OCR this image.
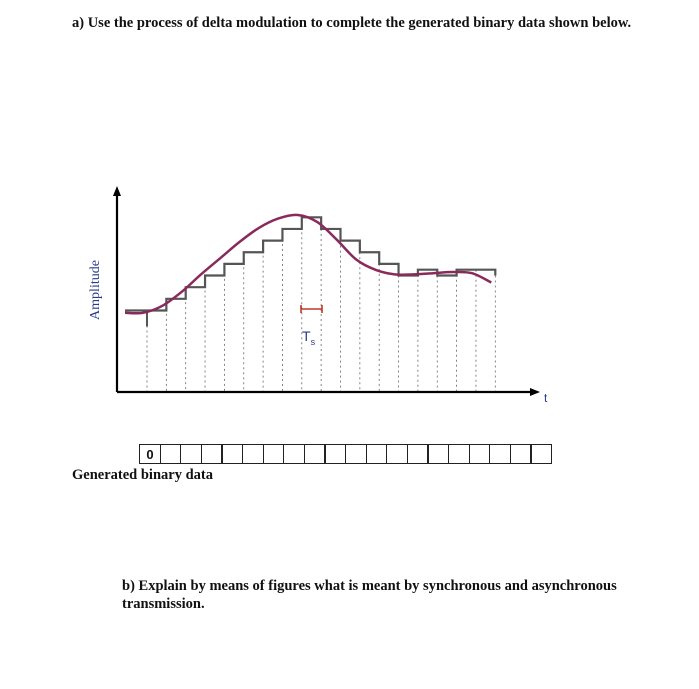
a) Use the process of delta modulation to complete the generated binary data shown below.

Amplitude
t
$T_s$
0
Generated binary data

b) Explain by means of figures what is meant by synchronous and asynchronous transmission.
